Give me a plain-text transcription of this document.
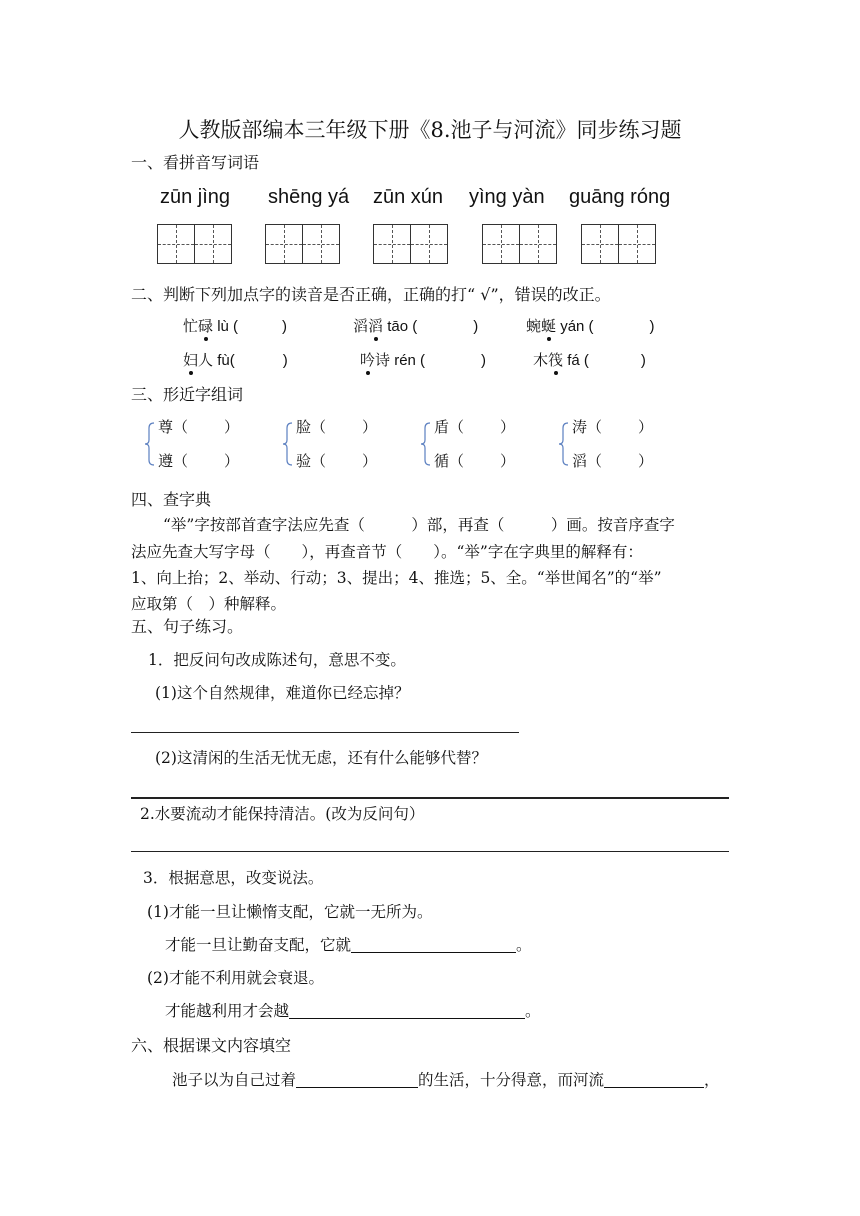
人教版部编本三年级下册《8.池子与河流》同步练习题
一、看拼音写词语
zūn jìng shēng yá zūn xún yìng yàn guāng róng
二、判断下列加点字的读音是否正确，正确的打“ √”，错误的改正。
忙碌 lù (	)	滔滔 tāo (	)	蜿蜒 yán (	)
妇人 fù(	)	吟诗 rén (	)	木筏 fá (	)
三、形近字组词
尊（ ）
遵（ ）
脸（ ）
验（ ）
盾（ ）
循（ ）
涛（ ）
滔（ ）
四、查字典
“举”字按部首查字法应先查（　　　）部，再查（　　　）画。按音序查字
法应先查大写字母（　　），再查音节（　　）。“举”字在字典里的解释有：
1、向上抬；2、举动、行动；3、提出；4、推选；5、全。“举世闻名”的“举”
应取第（　）种解释。
五、句子练习。
1．把反问句改成陈述句，意思不变。
(1)这个自然规律，难道你已经忘掉？
(2)这清闲的生活无忧无虑，还有什么能够代替？
2.水要流动才能保持清洁。(改为反问句）
3．根据意思，改变说法。
(1)才能一旦让懒惰支配，它就一无所为。
才能一旦让勤奋支配，它就	。
(2)才能不利用就会衰退。
才能越利用才会越	。
六、根据课文内容填空
池子以为自己过着	的生活，十分得意，而河流	，
